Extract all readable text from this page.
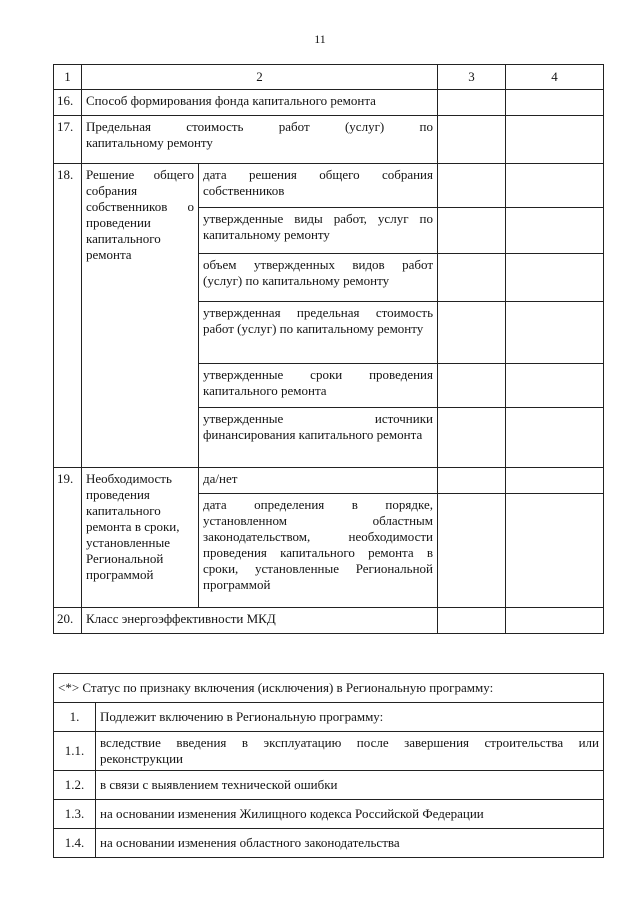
11
1	2		3	4
16.	Способ формирования фонда капитального ремонта			
17.	Предельная стоимость работ (услуг) по
капитальному ремонту			

18.	Решение общего собрания собственников о проведении капитального ремонта	дата решения общего собрания собственников		
		утвержденные виды работ, услуг по капитальному ремонту		
		объем утвержденных видов работ (услуг) по капитальному ремонту		
		утвержденная предельная стоимость работ (услуг) по капитальному ремонту		
		утвержденные сроки проведения капитального ремонта		
		утвержденные источники финансирования капитального ремонта		
19.	Необходимость проведения капитального ремонта в сроки, установленные Региональной программой	да/нет		
		дата определения в порядке, установленном областным законодательством, необходимости проведения капитального ремонта в сроки, установленные Региональной программой		
20.	Класс энергоэффективности МКД			
<*> Статус по признаку включения (исключения) в Региональную программу:	
1.	Подлежит включению в Региональную программу:
1.1.	вследствие введения в эксплуатацию после завершения строительства или реконструкции
1.2.	в связи с выявлением технической ошибки
1.3.	на основании изменения Жилищного кодекса Российской Федерации
1.4.	на основании изменения областного законодательства
